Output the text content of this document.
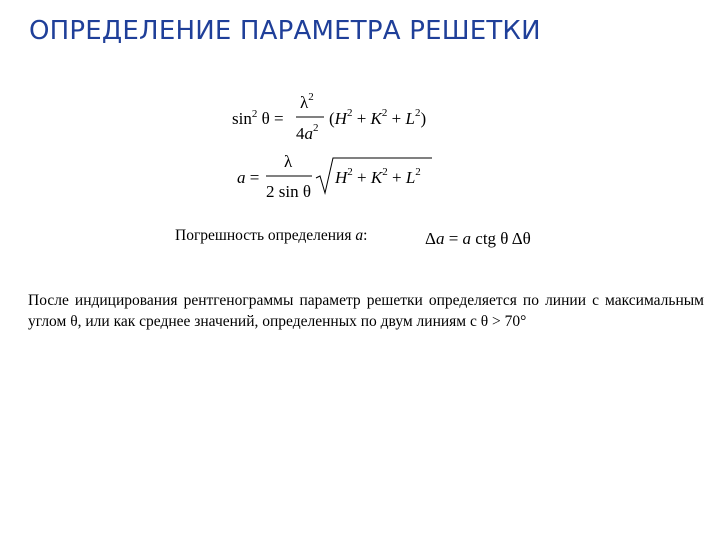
ОПРЕДЕЛЕНИЕ ПАРАМЕТРА РЕШЕТКИ
$\sin^2 \theta$ =
$\lambda^2$
$4a^2$ $(H^2 + K^2 + L^2)$
a =
λ
2 sin θ
$H^2 + K^2 + L^2$
Δa = a ctg θ Δθ
Погрешность определения a:
После индицирования рентгенограммы параметр решетки определяется по линии с максимальным углом θ, или как среднее значений, определенных по двум линиям с θ > 70°
